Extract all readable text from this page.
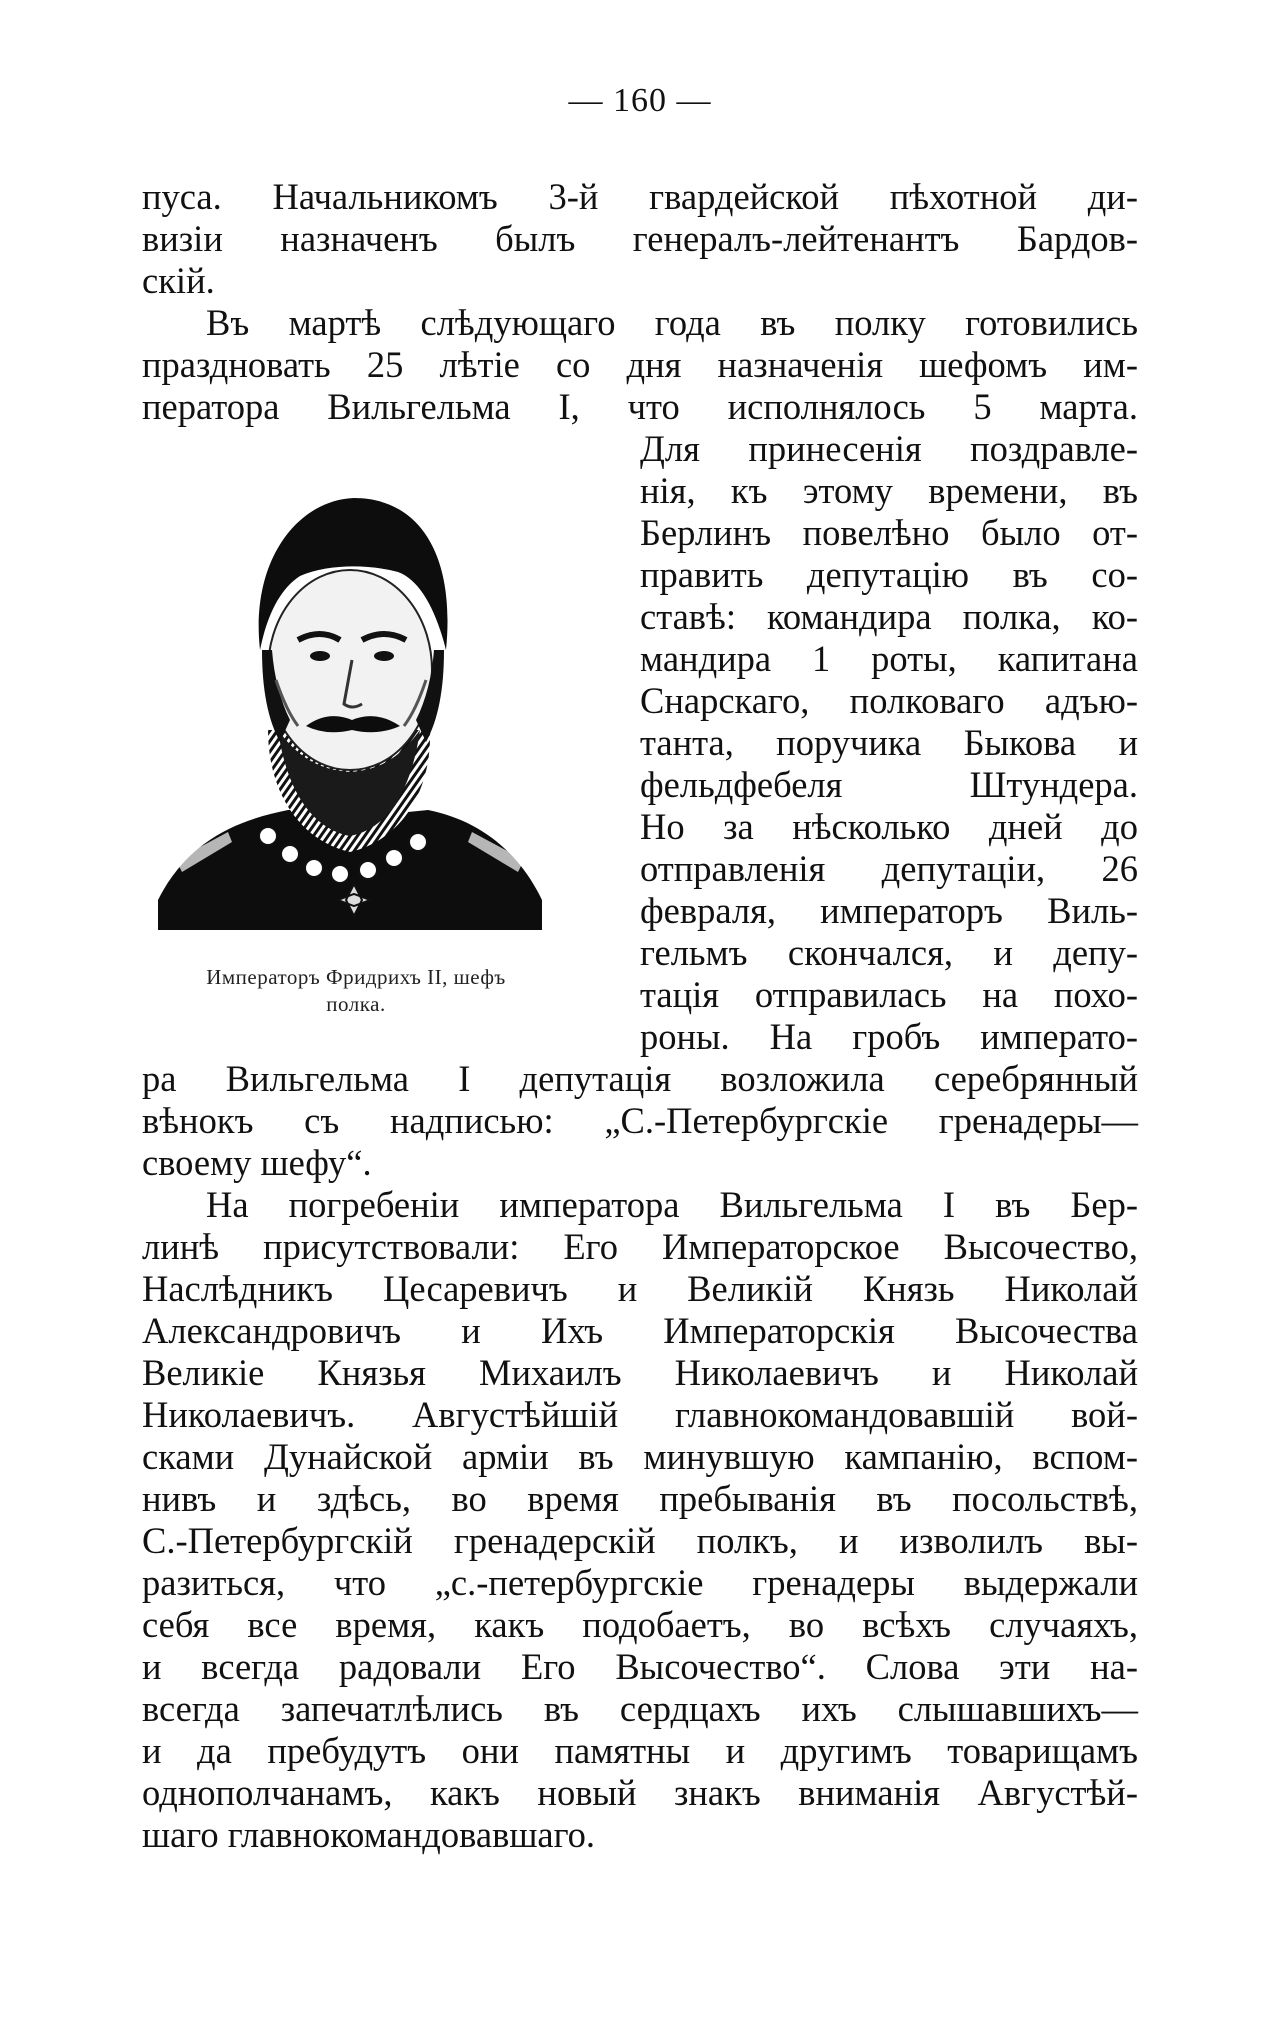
— 160 —

пуса. Начальникомъ 3-й гвардейской пѣхотной ди-

визіи назначенъ былъ генералъ-лейтенантъ Бардов-

скій.

Въ мартѣ слѣдующаго года въ полку готовились

праздновать 25 лѣтіе со дня назначенія шефомъ им-

ператора Вильгельма I, что исполнялось 5 марта.

Для принесенія поздравле-

нія, къ этому времени, въ

Берлинъ повелѣно было от-

править депутацію въ со-

ставѣ: командира полка, ко-

мандира 1 роты, капитана

Снарскаго, полковаго адъю-

танта, поручика Быкова и

фельдфебеля Штундера.

Но за нѣсколько дней до

отправленія депутаціи, 26

февраля, императоръ Виль-

гельмъ скончался, и депу-

тація отправилась на похо-

роны. На гробъ императо-

ра Вильгельма I депутація возложила серебрянный

вѣнокъ съ надписью: „С.-Петербургскіе гренадеры—

своему шефу“.

На погребеніи императора Вильгельма I въ Бер-

линѣ присутствовали: Его Императорское Высочество,

Наслѣдникъ Цесаревичъ и Великій Князь Николай

Александровичъ и Ихъ Императорскія Высочества

Великіе Князья Михаилъ Николаевичъ и Николай

Николаевичъ. Августѣйшій главнокомандовавшій вой-

сками Дунайской арміи въ минувшую кампанію, вспом-

нивъ и здѣсь, во время пребыванія въ посольствѣ,

С.-Петербургскій гренадерскій полкъ, и изволилъ вы-

разиться, что „с.-петербургскіе гренадеры выдержали

себя все время, какъ подобаетъ, во всѣхъ случаяхъ,

и всегда радовали Его Высочество“. Слова эти на-

всегда запечатлѣлись въ сердцахъ ихъ слышавшихъ—

и да пребудутъ они памятны и другимъ товарищамъ

однополчанамъ, какъ новый знакъ вниманія Августѣй-

шаго главнокомандовавшаго.

Императоръ Фридрихъ II, шефъ
полка.
